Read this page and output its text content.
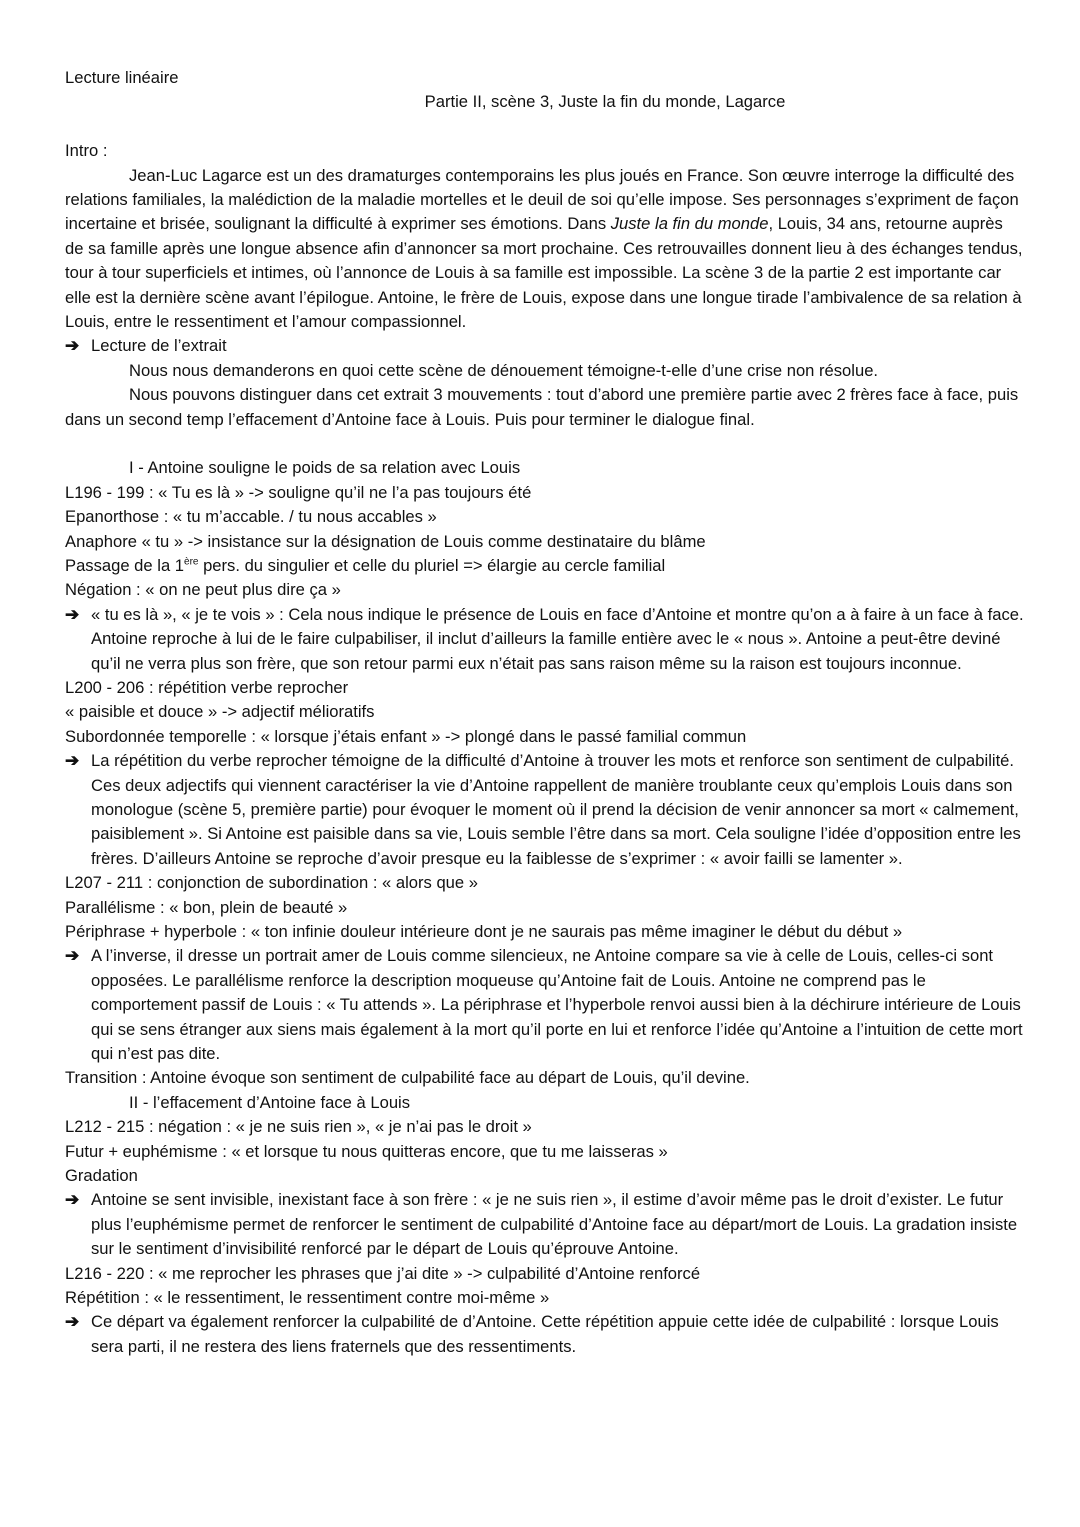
Lecture linéaire
Partie II, scène 3, Juste la fin du monde, Lagarce
Intro :
Jean-Luc Lagarce est un des dramaturges contemporains les plus joués en France. Son œuvre interroge la difficulté des relations familiales, la malédiction de la maladie mortelles et le deuil de soi qu’elle impose. Ses personnages s’expriment de façon incertaine et brisée, soulignant la difficulté à exprimer ses émotions. Dans Juste la fin du monde, Louis, 34 ans, retourne auprès de sa famille après une longue absence afin d’annoncer sa mort prochaine. Ces retrouvailles donnent lieu à des échanges tendus, tour à tour superficiels et intimes, où l’annonce de Louis à sa famille est impossible. La scène 3 de la partie 2 est importante car elle est la dernière scène avant l’épilogue. Antoine, le frère de Louis, expose dans une longue tirade l’ambivalence de sa relation à Louis, entre le ressentiment et l’amour compassionnel.
➔ Lecture de l’extrait
Nous nous demanderons en quoi cette scène de dénouement témoigne-t-elle d’une crise non résolue.
Nous pouvons distinguer dans cet extrait 3 mouvements : tout d’abord une première partie avec 2 frères face à face, puis dans un second temp l’effacement d’Antoine face à Louis. Puis pour terminer le dialogue final.
I - Antoine souligne le poids de sa relation avec Louis
L196 - 199 : « Tu es là » -> souligne qu’il ne l’a pas toujours été
Epanorthose : « tu m’accable. / tu nous accables »
Anaphore « tu » -> insistance sur la désignation de Louis comme destinataire du blâme
Passage de la 1ère pers. du singulier et celle du pluriel => élargie au cercle familial
Négation : « on ne peut plus dire ça »
➔ « tu es là », « je te vois » : Cela nous indique le présence de Louis en face d’Antoine et montre qu’on a à faire à un face à face. Antoine reproche à lui de le faire culpabiliser, il inclut d’ailleurs la famille entière avec le « nous ». Antoine a peut-être deviné qu’il ne verra plus son frère, que son retour parmi eux n’était pas sans raison même su la raison est toujours inconnue.
L200 - 206 : répétition verbe reprocher
« paisible et douce » -> adjectif mélioratifs
Subordonnée temporelle : « lorsque j’étais enfant » -> plongé dans le passé familial commun
➔ La répétition du verbe reprocher témoigne de la difficulté d’Antoine à trouver les mots et renforce son sentiment de culpabilité. Ces deux adjectifs qui viennent caractériser la vie d’Antoine rappellent de manière troublante ceux qu’emplois Louis dans son monologue (scène 5, première partie) pour évoquer le moment où il prend la décision de venir annoncer sa mort « calmement, paisiblement ». Si Antoine est paisible dans sa vie, Louis semble l’être dans sa mort. Cela souligne l’idée d’opposition entre les frères. D’ailleurs Antoine se reproche d’avoir presque eu la faiblesse de s’exprimer : « avoir failli se lamenter ».
L207 - 211 : conjonction de subordination : « alors que »
Parallélisme : « bon, plein de beauté »
Périphrase + hyperbole : « ton infinie douleur intérieure dont je ne saurais pas même imaginer le début du début »
➔ A l’inverse, il dresse un portrait amer de Louis comme silencieux, ne Antoine compare sa vie à celle de Louis, celles-ci sont opposées. Le parallélisme renforce la description moqueuse qu’Antoine fait de Louis. Antoine ne comprend pas le comportement passif de Louis : « Tu attends ». La périphrase et l’hyperbole renvoi aussi bien à la déchirure intérieure de Louis qui se sens étranger aux siens mais également à la mort qu’il porte en lui et renforce l’idée qu’Antoine a l’intuition de cette mort qui n’est pas dite.
Transition : Antoine évoque son sentiment de culpabilité face au départ de Louis, qu’il devine.
II - l’effacement d’Antoine face à Louis
L212 - 215 : négation : « je ne suis rien », « je n’ai pas le droit »
Futur + euphémisme : « et lorsque tu nous quitteras encore, que tu me laisseras »
Gradation
➔ Antoine se sent invisible, inexistant face à son frère : « je ne suis rien », il estime d’avoir même pas le droit d’exister. Le futur plus l’euphémisme permet de renforcer le sentiment de culpabilité d’Antoine face au départ/mort de Louis. La gradation insiste sur le sentiment d’invisibilité renforcé par le départ de Louis qu’éprouve Antoine.
L216 - 220 : « me reprocher les phrases que j’ai dite » -> culpabilité d’Antoine renforcé
Répétition : « le ressentiment, le ressentiment contre moi-même »
➔ Ce départ va également renforcer la culpabilité de d’Antoine. Cette répétition appuie cette idée de culpabilité : lorsque Louis sera parti, il ne restera des liens fraternels que des ressentiments.
